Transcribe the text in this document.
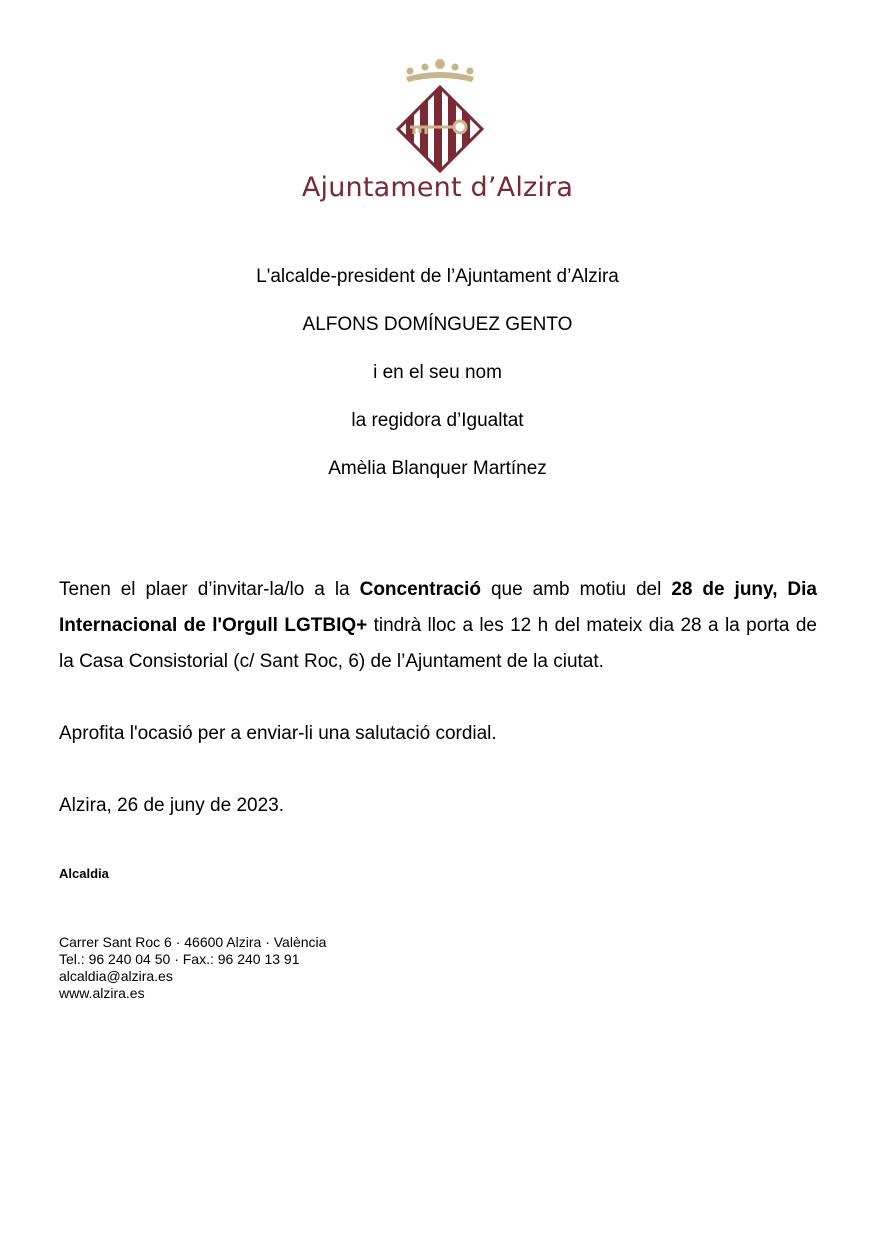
Ajuntament d’Alzira
L'alcalde-president de l’Ajuntament d’Alzira
ALFONS DOMÍNGUEZ GENTO
i en el seu nom
la regidora d’Igualtat
Amèlia Blanquer Martínez
Tenen el plaer d’invitar-la/lo a la Concentració que amb motiu del 28 de juny, Dia Internacional de l'Orgull LGTBIQ+ tindrà lloc a les 12 h del mateix dia 28 a la porta de la Casa Consistorial (c/ Sant Roc, 6) de l’Ajuntament de la ciutat.
Aprofita l'ocasió per a enviar-li una salutació cordial.
Alzira, 26 de juny de 2023.
Alcaldia
Carrer Sant Roc 6 · 46600 Alzira · València
Tel.: 96 240 04 50 · Fax.: 96 240 13 91
alcaldia@alzira.es
www.alzira.es
